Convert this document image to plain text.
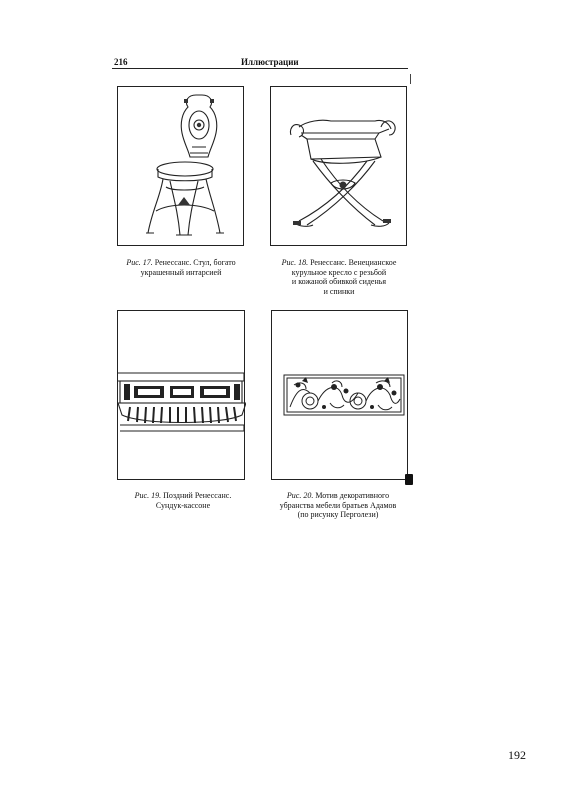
216	Иллюстрации
Рис. 17. Ренессанс. Стул, богато
украшенный интарсией
Рис. 18. Ренессанс. Венецианское
курульное кресло с резьбой
и кожаной обивкой сиденья
и спинки
Рис. 19. Поздний Ренессанс.
Сундук-кассоне
Рис. 20. Мотив декоративного
убранства мебели братьев Адамов
(по рисунку Перголези)
192
